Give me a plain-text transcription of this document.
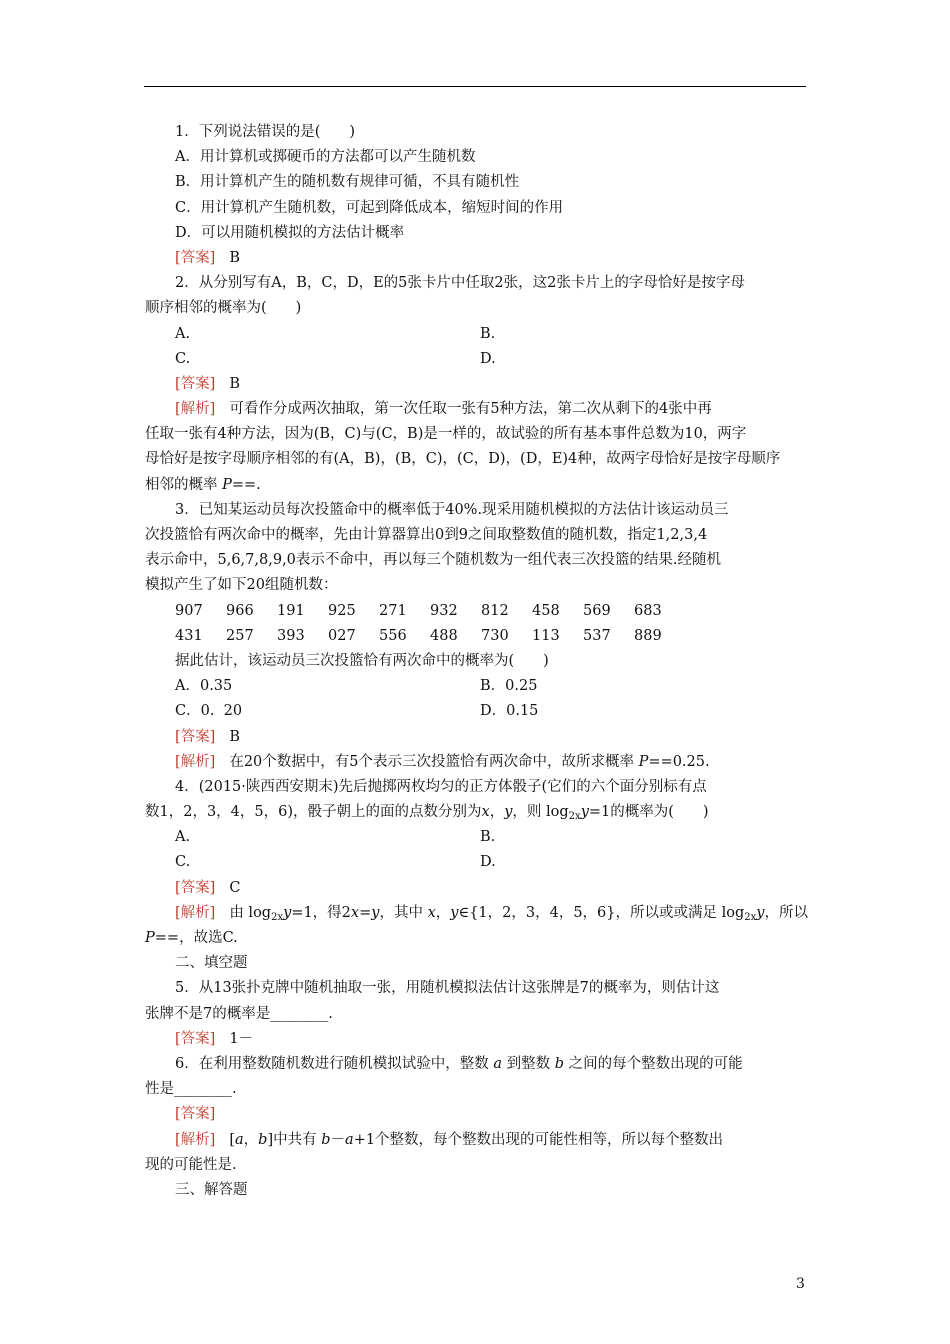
1．下列说法错误的是(　　)
A．用计算机或掷硬币的方法都可以产生随机数
B．用计算机产生的随机数有规律可循，不具有随机性
C．用计算机产生随机数，可起到降低成本，缩短时间的作用
D．可以用随机模拟的方法估计概率
[答案] B
2．从分别写有A，B，C，D，E的5张卡片中任取2张，这2张卡片上的字母恰好是按字母
顺序相邻的概率为(　　)
A.	B.
C.	D.
[答案] B
[解析] 可看作分成两次抽取，第一次任取一张有5种方法，第二次从剩下的4张中再
任取一张有4种方法，因为(B，C)与(C，B)是一样的，故试验的所有基本事件总数为10，两字
母恰好是按字母顺序相邻的有(A，B)，(B，C)，(C，D)，(D，E)4种，故两字母恰好是按字母顺序
相邻的概率 P==.
3．已知某运动员每次投篮命中的概率低于40%.现采用随机模拟的方法估计该运动员三
次投篮恰有两次命中的概率，先由计算器算出0到9之间取整数值的随机数，指定1,2,3,4
表示命中，5,6,7,8,9,0表示不命中，再以每三个随机数为一组代表三次投篮的结果.经随机
模拟产生了如下20组随机数：
907 966 191 925 271 932 812 458 569 683
431 257 393 027 556 488 730 113 537 889
据此估计，该运动员三次投篮恰有两次命中的概率为(　　)
A．0.35	B．0.25
C．0.  20	D．0.15
[答案] B
[解析] 在20个数据中，有5个表示三次投篮恰有两次命中，故所求概率 P==0.25.
4．(2015·陕西西安期末)先后抛掷两枚均匀的正方体骰子(它们的六个面分别标有点
数1，2，3，4，5，6)，骰子朝上的面的点数分别为x，y，则 $\log_{2x}y=1$的概率为(　　)
A.	B.
C.	D.
[答案] C
[解析] 由 $\log_{2x}y=1$，得2x=y，其中 x，y∈{1，2，3，4，5，6}，所以或或满足 $\log_{2x}y$，所以
P==，故选C.
二、填空题
5．从13张扑克牌中随机抽取一张，用随机模拟法估计这张牌是7的概率为，则估计这
张牌不是7的概率是________.
[答案] 1－
6．在利用整数随机数进行随机模拟试验中，整数 a 到整数 b 之间的每个整数出现的可能
性是________.
[答案]
[解析] [a，b]中共有 b－a+1个整数，每个整数出现的可能性相等，所以每个整数出
现的可能性是.
三、解答题
3
